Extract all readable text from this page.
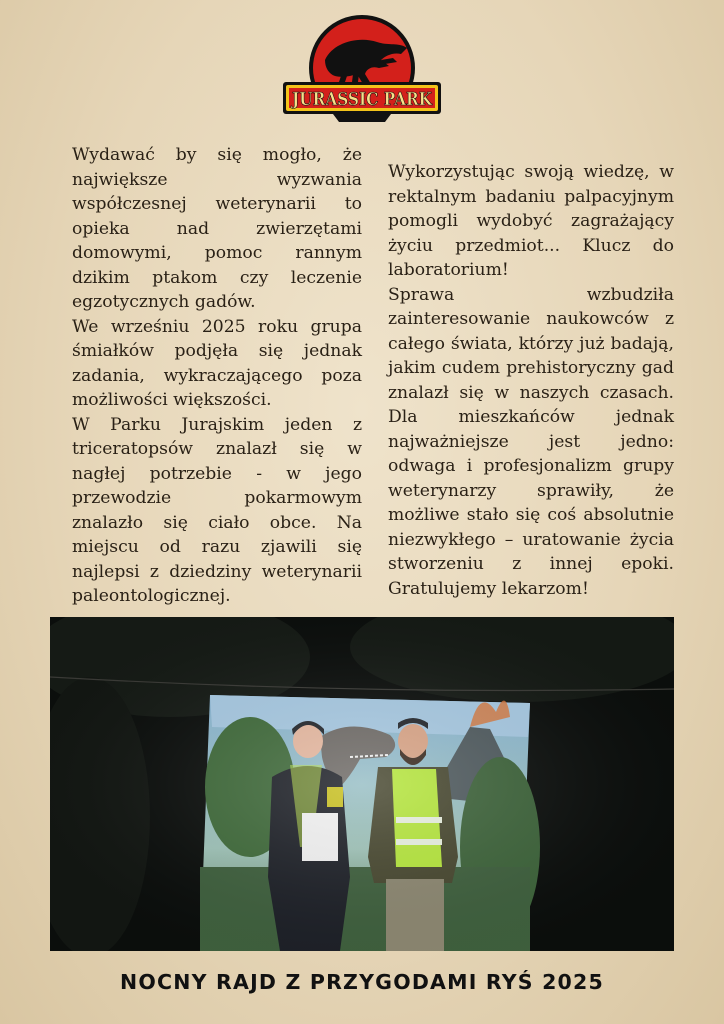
JURASSIC PARK

Wydawać by się mogło, że największe wyzwania współczesnej weterynarii to opieka nad zwierzętami domowymi, pomoc rannym dzikim ptakom czy leczenie egzotycznych gadów.

We wrześniu 2025 roku grupa śmiałków podjęła się jednak zadania, wykraczającego poza możliwości większości.

W Parku Jurajskim jeden z triceratopsów znalazł się w nagłej potrzebie - w jego przewodzie pokarmowym znalazło się ciało obce. Na miejscu od razu zjawili się najlepsi z dziedziny weterynarii paleontologicznej.

Wykorzystując swoją wiedzę, w rektalnym badaniu palpacyjnym pomogli wydobyć zagrażający życiu przedmiot... Klucz do laboratorium!

Sprawa wzbudziła zainteresowanie naukowców z całego świata, którzy już badają, jakim cudem prehistoryczny gad znalazł się w naszych czasach. Dla mieszkańców jednak najważniejsze jest jedno: odwaga i profesjonalizm grupy weterynarzy sprawiły, że możliwe stało się coś absolutnie niezwykłego – uratowanie życia stworzeniu z innej epoki. Gratulujemy lekarzom!

NOCNY RAJD Z PRZYGODAMI RYŚ 2025
